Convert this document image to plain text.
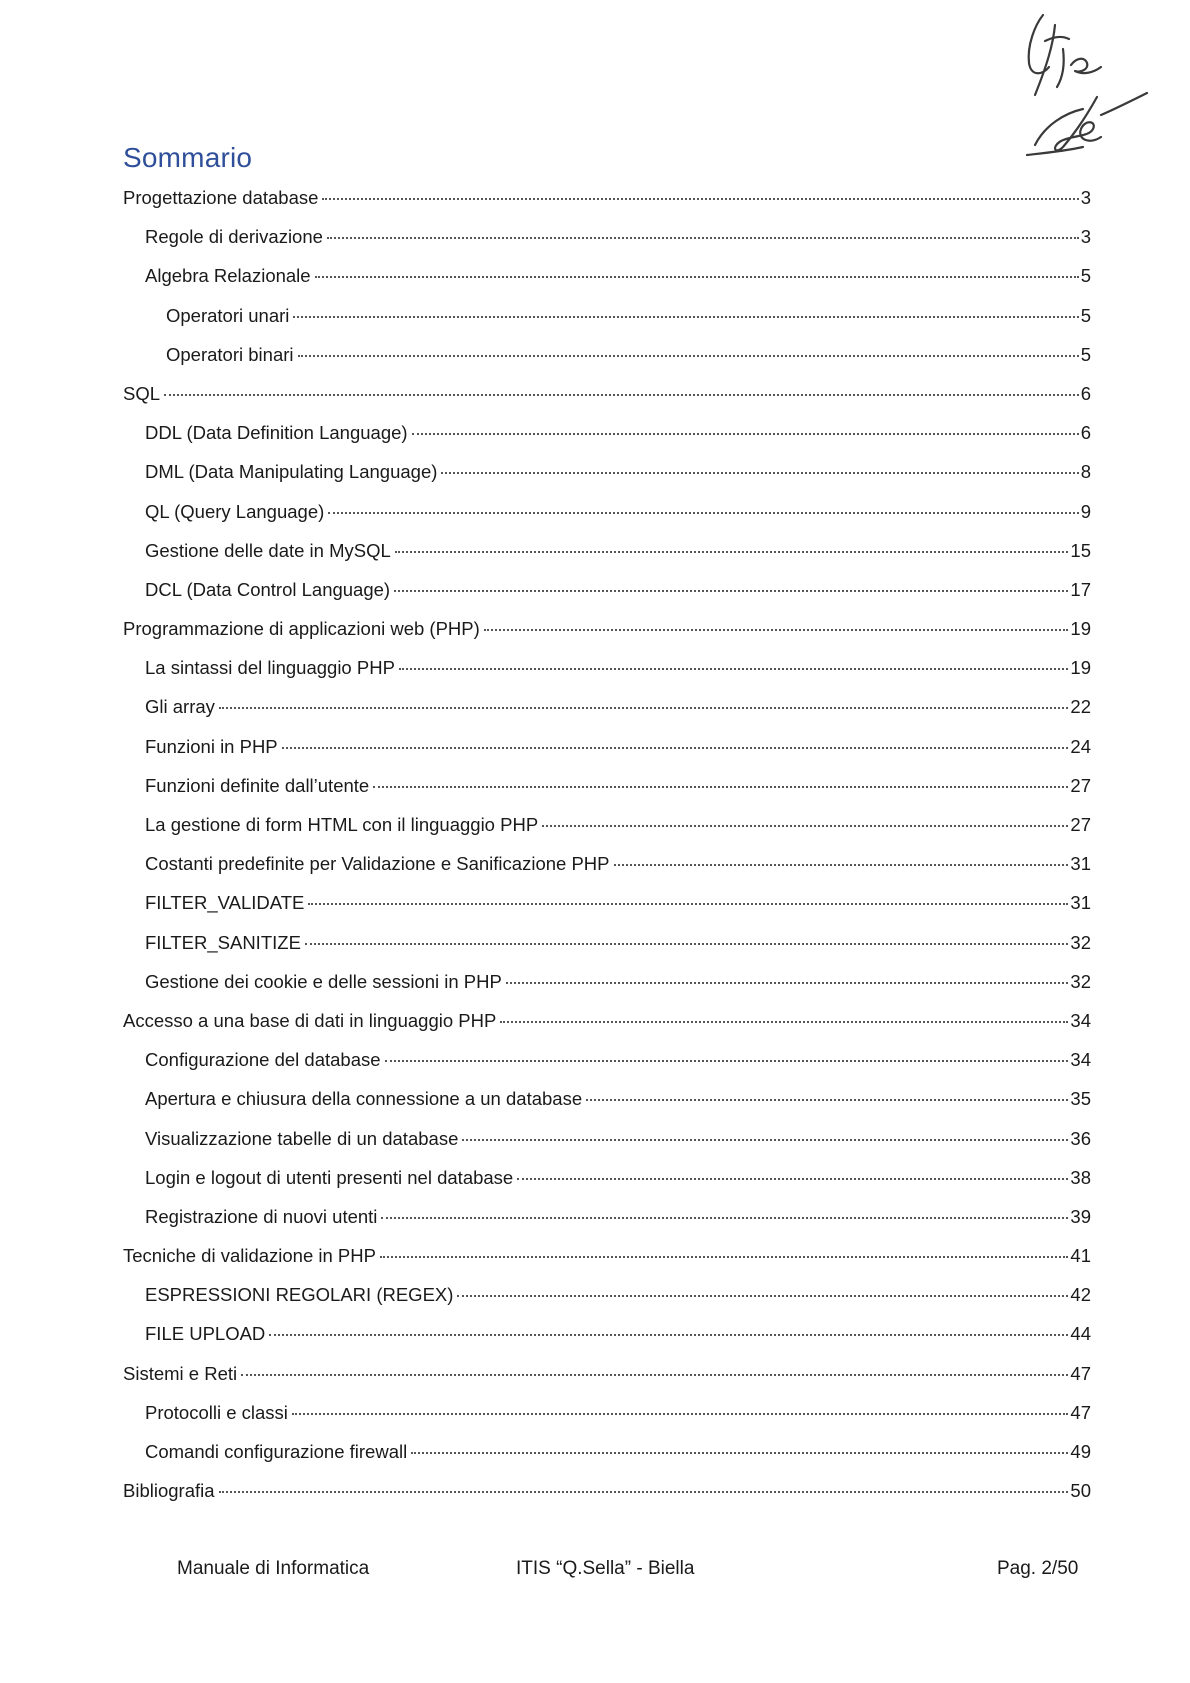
Sommario
Progettazione database	3
Regole di derivazione	3
Algebra Relazionale	5
Operatori unari	5
Operatori binari	5
SQL	6
DDL (Data Definition Language)	6
DML (Data Manipulating Language)	8
QL (Query Language)	9
Gestione delle date in MySQL	15
DCL (Data Control Language)	17
Programmazione di applicazioni web (PHP)	19
La sintassi del linguaggio PHP	19
Gli array	22
Funzioni in PHP	24
Funzioni definite dall’utente	27
La gestione di form HTML con il linguaggio PHP	27
Costanti predefinite per Validazione e Sanificazione PHP	31
FILTER_VALIDATE	31
FILTER_SANITIZE	32
Gestione dei cookie e delle sessioni in PHP	32
Accesso a una base di dati in linguaggio PHP	34
Configurazione del database	34
Apertura e chiusura della connessione a un database	35
Visualizzazione tabelle di un database	36
Login e logout di utenti presenti nel database	38
Registrazione di nuovi utenti	39
Tecniche di validazione in PHP	41
ESPRESSIONI REGOLARI (REGEX)	42
FILE UPLOAD	44
Sistemi e Reti	47
Protocolli e classi	47
Comandi configurazione firewall	49
Bibliografia	50
Manuale di Informatica	ITIS “Q.Sella” - Biella	Pag. 2/50
